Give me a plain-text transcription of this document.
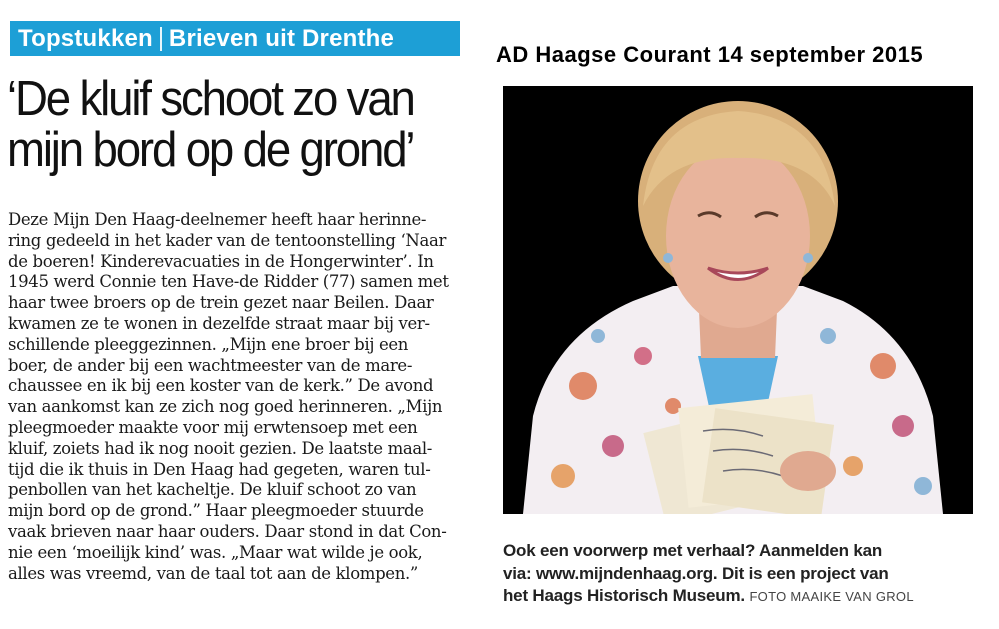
Topstukken Brieven uit Drenthe
AD Haagse Courant 14 september 2015
‘De kluif schoot zo van
mijn bord op de grond’
Deze Mijn Den Haag-deelnemer heeft haar herinne-
ring gedeeld in het kader van de tentoonstelling ‘Naar
de boeren! Kinderevacuaties in de Hongerwinter’. In
1945 werd Connie ten Have-de Ridder (77) samen met
haar twee broers op de trein gezet naar Beilen. Daar
kwamen ze te wonen in dezelfde straat maar bij ver-
schillende pleeggezinnen. „Mijn ene broer bij een
boer, de ander bij een wachtmeester van de mare-
chaussee en ik bij een koster van de kerk.” De avond
van aankomst kan ze zich nog goed herinneren. „Mijn
pleegmoeder maakte voor mij erwtensoep met een
kluif, zoiets had ik nog nooit gezien. De laatste maal-
tijd die ik thuis in Den Haag had gegeten, waren tul-
penbollen van het kacheltje. De kluif schoot zo van
mijn bord op de grond.” Haar pleegmoeder stuurde
vaak brieven naar haar ouders. Daar stond in dat Con-
nie een ‘moeilijk kind’ was. „Maar wat wilde je ook,
alles was vreemd, van de taal tot aan de klompen.”
Ook een voorwerp met verhaal? Aanmelden kan
via: www.mijndenhaag.org. Dit is een project van
het Haags Historisch Museum. FOTO MAAIKE VAN GROL
